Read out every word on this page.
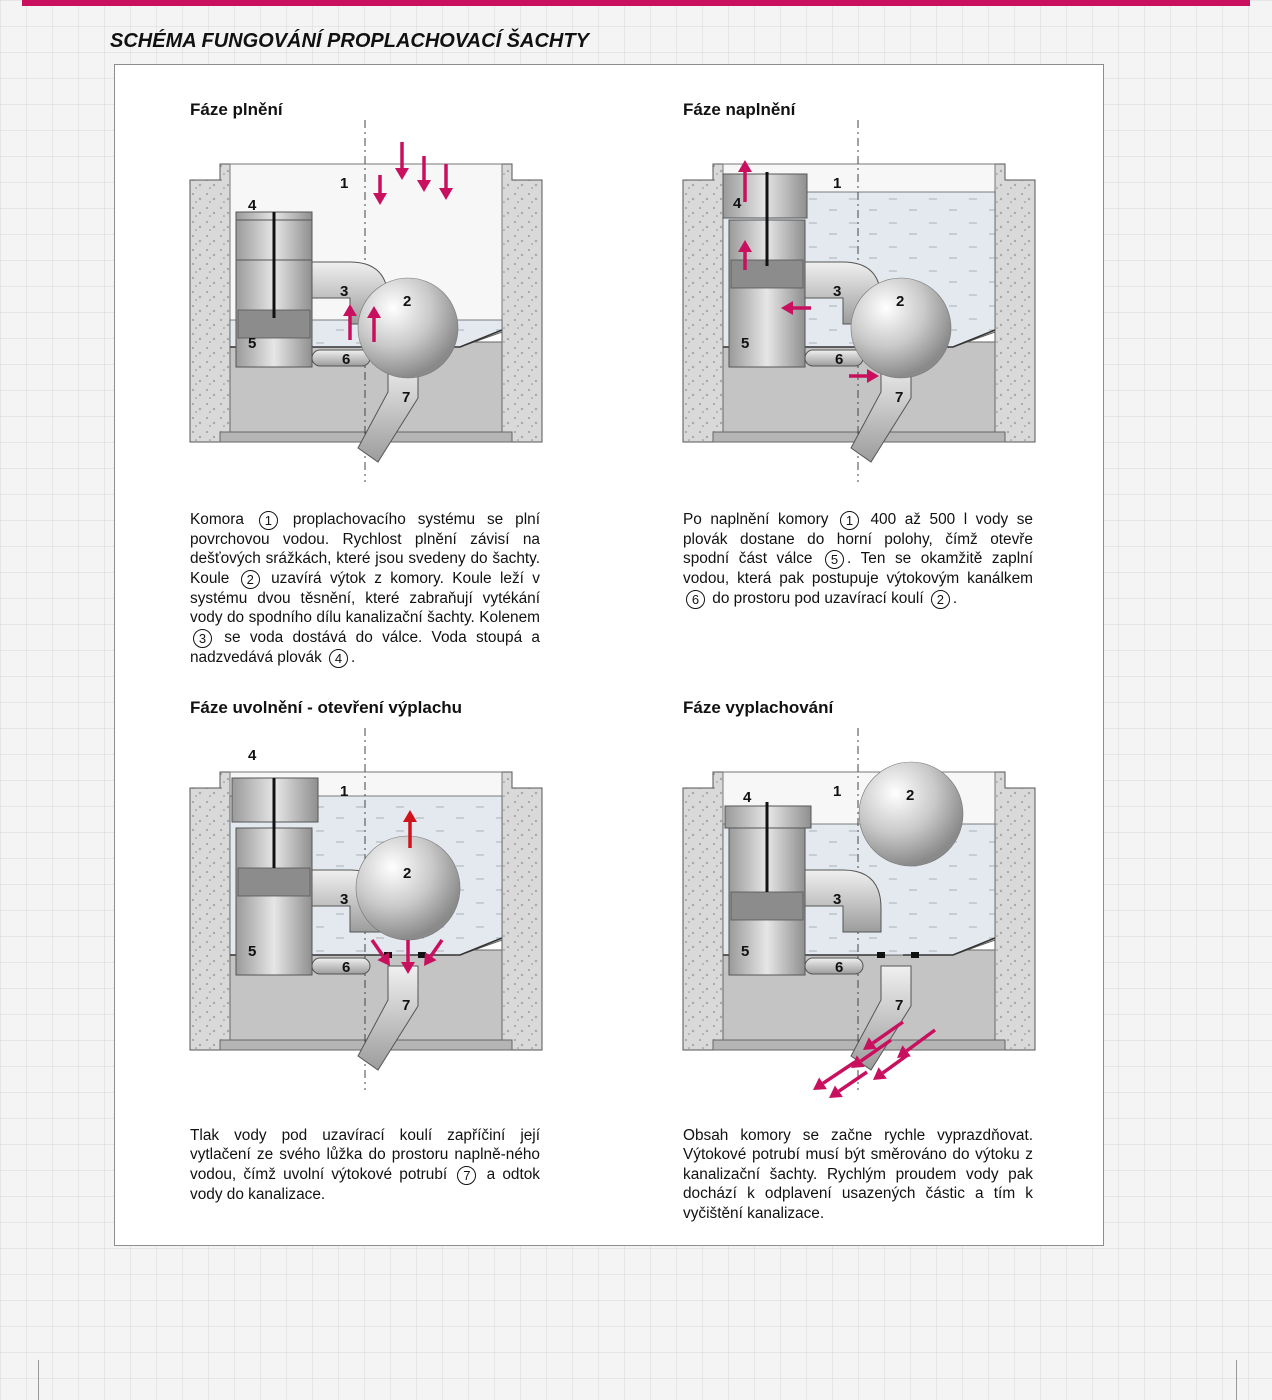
SCHÉMA FUNGOVÁNÍ PROPLACHOVACÍ ŠACHTY
Fáze plnění	Fáze naplnění
Fáze uvolnění - otevření výplachu	Fáze vyplachování
1
2
3
4
5
6
7
1
2
3
4
5
6
7
1
2
3
4
5
6
7
1	2
3
4
5
6
7

Komora 1 proplachovacího systému se plní povrchovou vodou. Rychlost plnění závisí na dešťových srážkách, které jsou svedeny do šachty. Koule 2 uzavírá výtok z komory. Koule leží v systému dvou těsnění, které zabraňují vytékání vody do spodního dílu kanalizační šachty. Kolenem 3 se voda dostává do válce. Voda stoupá a nadzvedává plovák 4 .

Po naplnění komory 1 400 až 500 l vody se plovák dostane do horní polohy, čímž otevře spodní část válce 5 . Ten se okamžitě zaplní vodou, která pak postupuje výtokovým kanálkem 6 do prostoru pod uzavírací koulí 2 .

Tlak vody pod uzavírací koulí zapříčiní její vytlačení ze svého lůžka do prostoru naplně-ného vodou, čímž uvolní výtokové potrubí 7 a odtok vody do kanalizace.

Obsah komory se začne rychle vyprazdňovat. Výtokové potrubí musí být směrováno do výtoku z kanalizační šachty. Rychlým proudem vody pak dochází k odplavení usazených částic a tím k vyčištění kanalizace.
